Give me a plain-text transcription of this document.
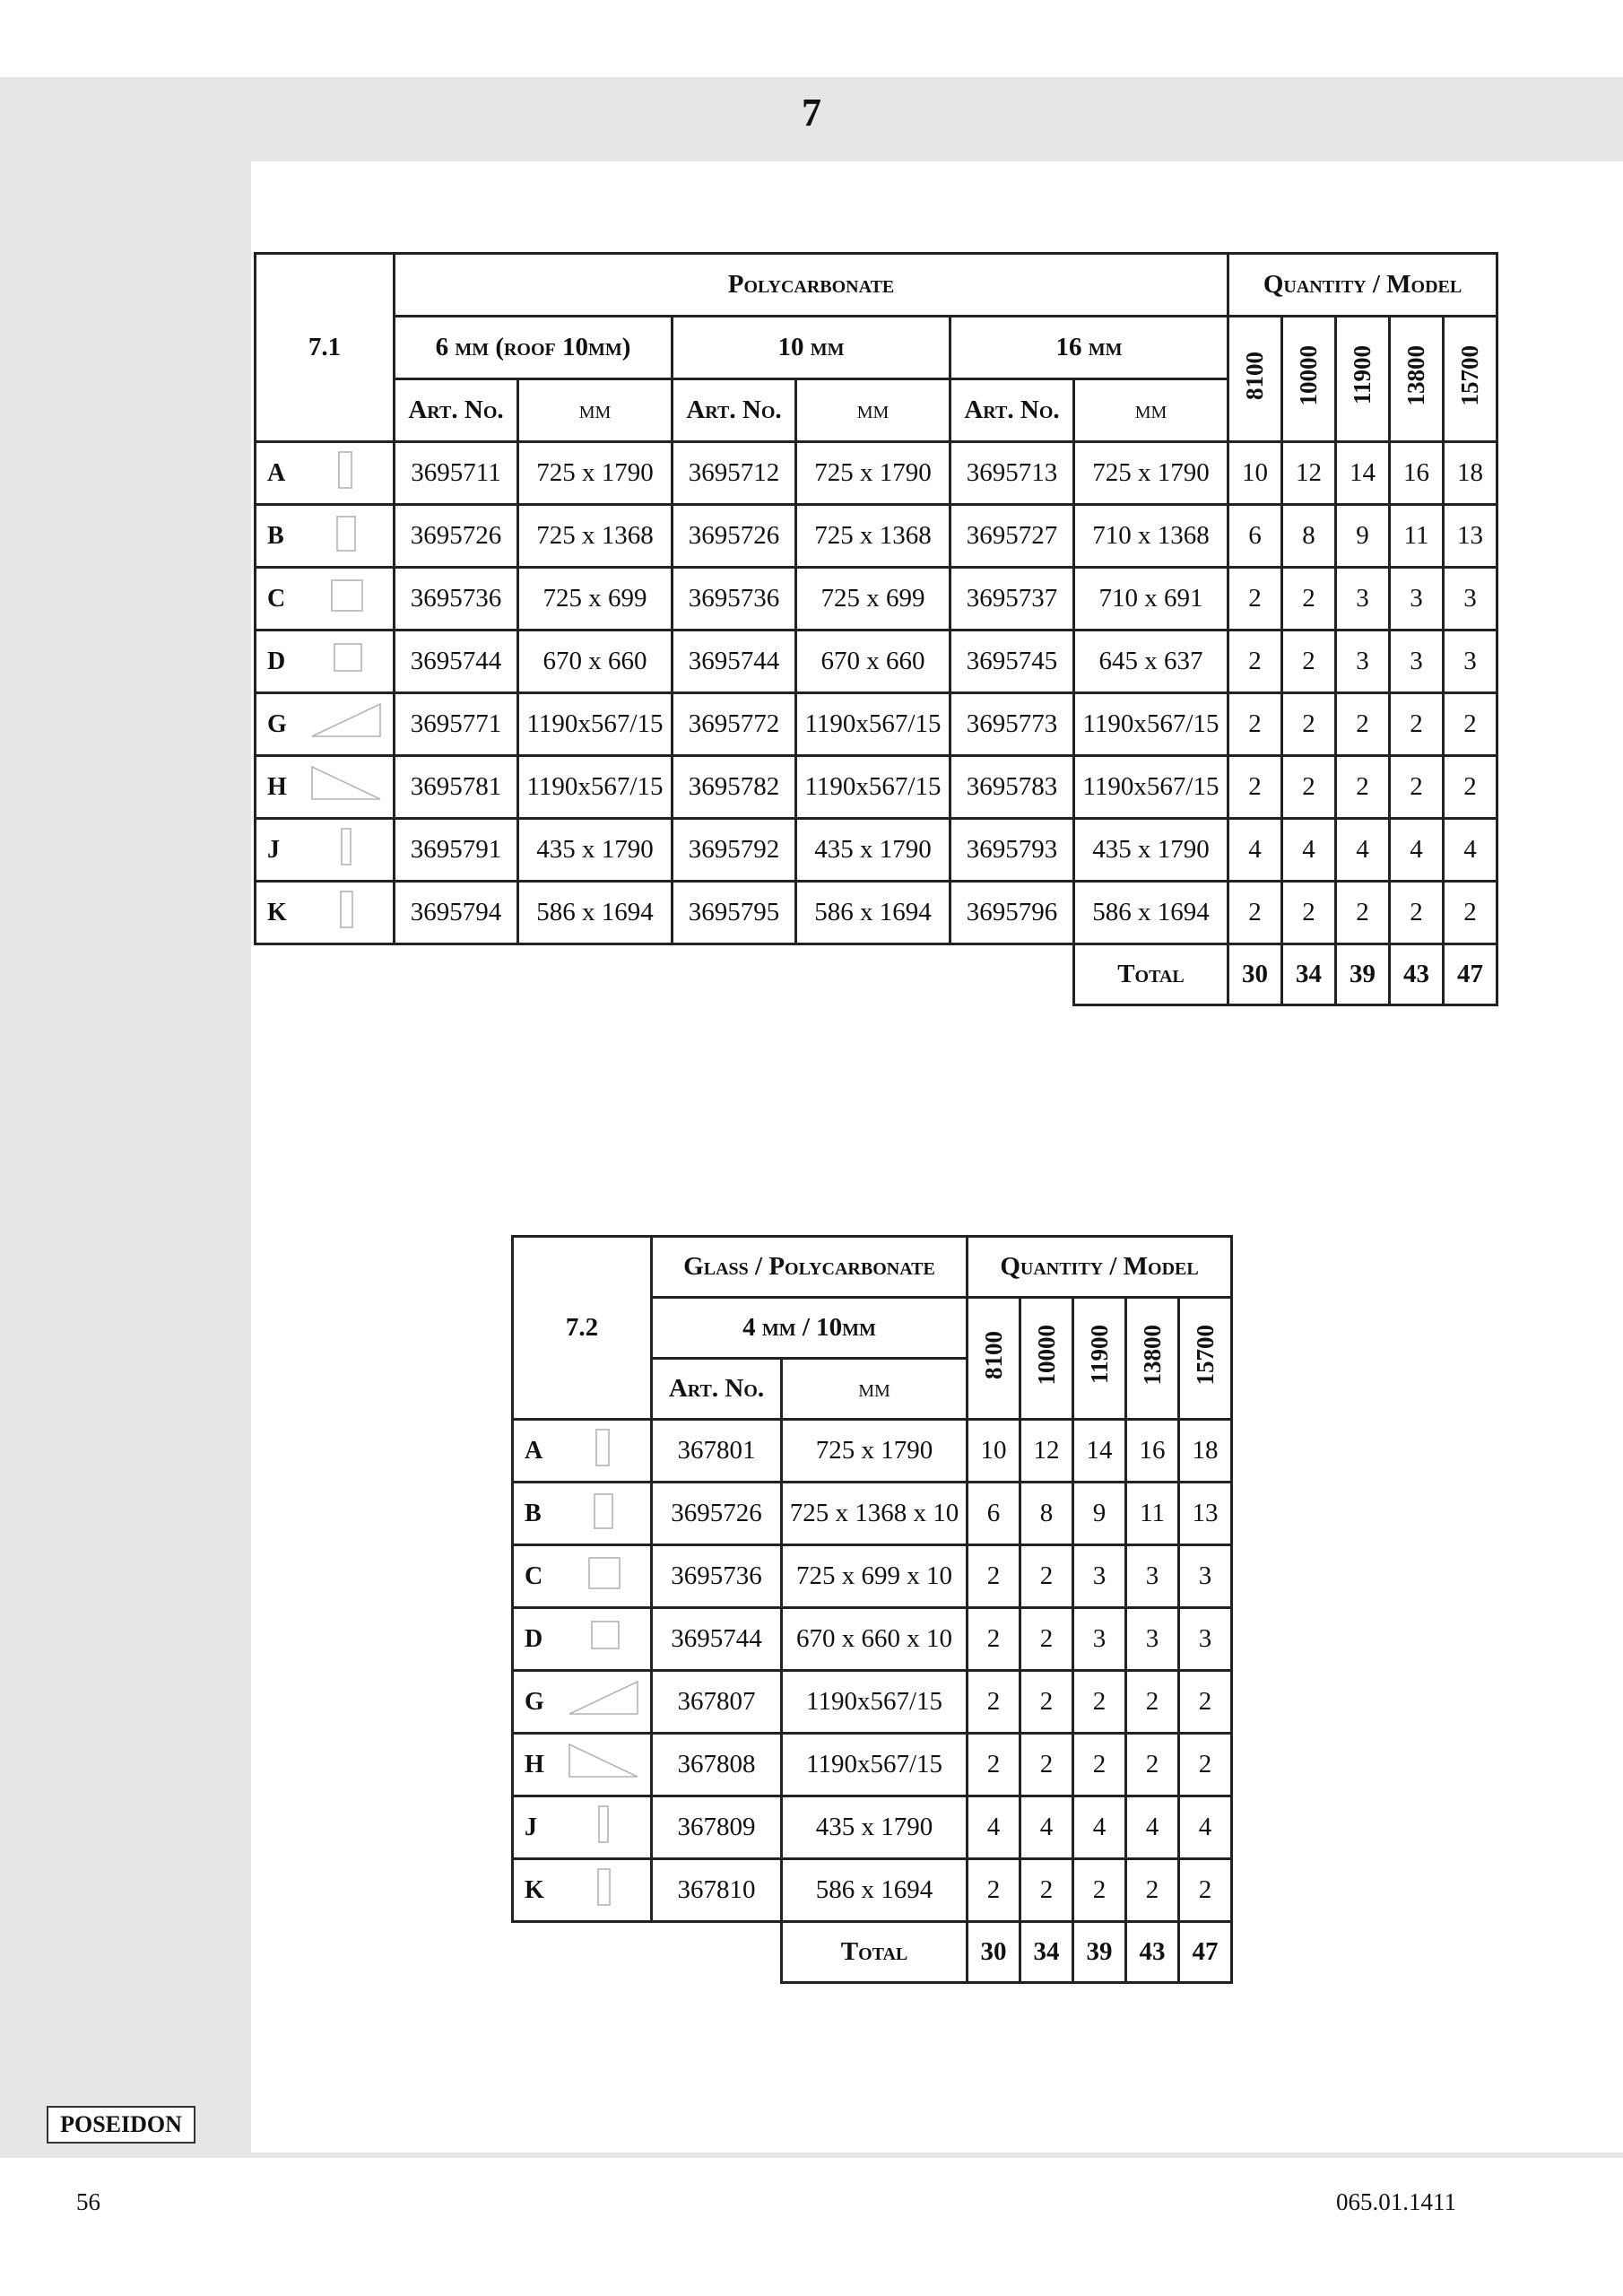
7
7.1	Polycarbonate						Quantity / Model				
	6 mm (roof 10mm)		10 mm		16 mm		8100	10000	11900	13800	15700
	Art. No.	mm	Art. No.	mm	Art. No.	mm					

A	3695711	725 x 1790	3695712	725 x 1790	3695713	725 x 1790	10	12	14	16	18

B	3695726	725 x 1368	3695726	725 x 1368	3695727	710 x 1368	6	8	9	11	13

C	3695736	725 x 699	3695736	725 x 699	3695737	710 x 691	2	2	3	3	3

D	3695744	670 x 660	3695744	670 x 660	3695745	645 x 637	2	2	3	3	3

G	3695771	1190x567/15	3695772	1190x567/15	3695773	1190x567/15	2	2	2	2	2

H	3695781	1190x567/15	3695782	1190x567/15	3695783	1190x567/15	2	2	2	2	2

J	3695791	435 x 1790	3695792	435 x 1790	3695793	435 x 1790	4	4	4	4	4

K	3695794	586 x 1694	3695795	586 x 1694	3695796	586 x 1694	2	2	2	2	2
						Total	30	34	39	43	47
7.2	Glass / Polycarbonate		Quantity / Model				
	4 mm / 10mm		8100	10000	11900	13800	15700
	Art. No.	mm					

A	367801	725 x 1790	10	12	14	16	18

B	3695726	725 x 1368 x 10	6	8	9	11	13

C	3695736	725 x 699 x 10	2	2	3	3	3

D	3695744	670 x 660 x 10	2	2	3	3	3

G	367807	1190x567/15	2	2	2	2	2

H	367808	1190x567/15	2	2	2	2	2

J	367809	435 x 1790	4	4	4	4	4

K	367810	586 x 1694	2	2	2	2	2
		Total	30	34	39	43	47
POSEIDON
56	065.01.1411
